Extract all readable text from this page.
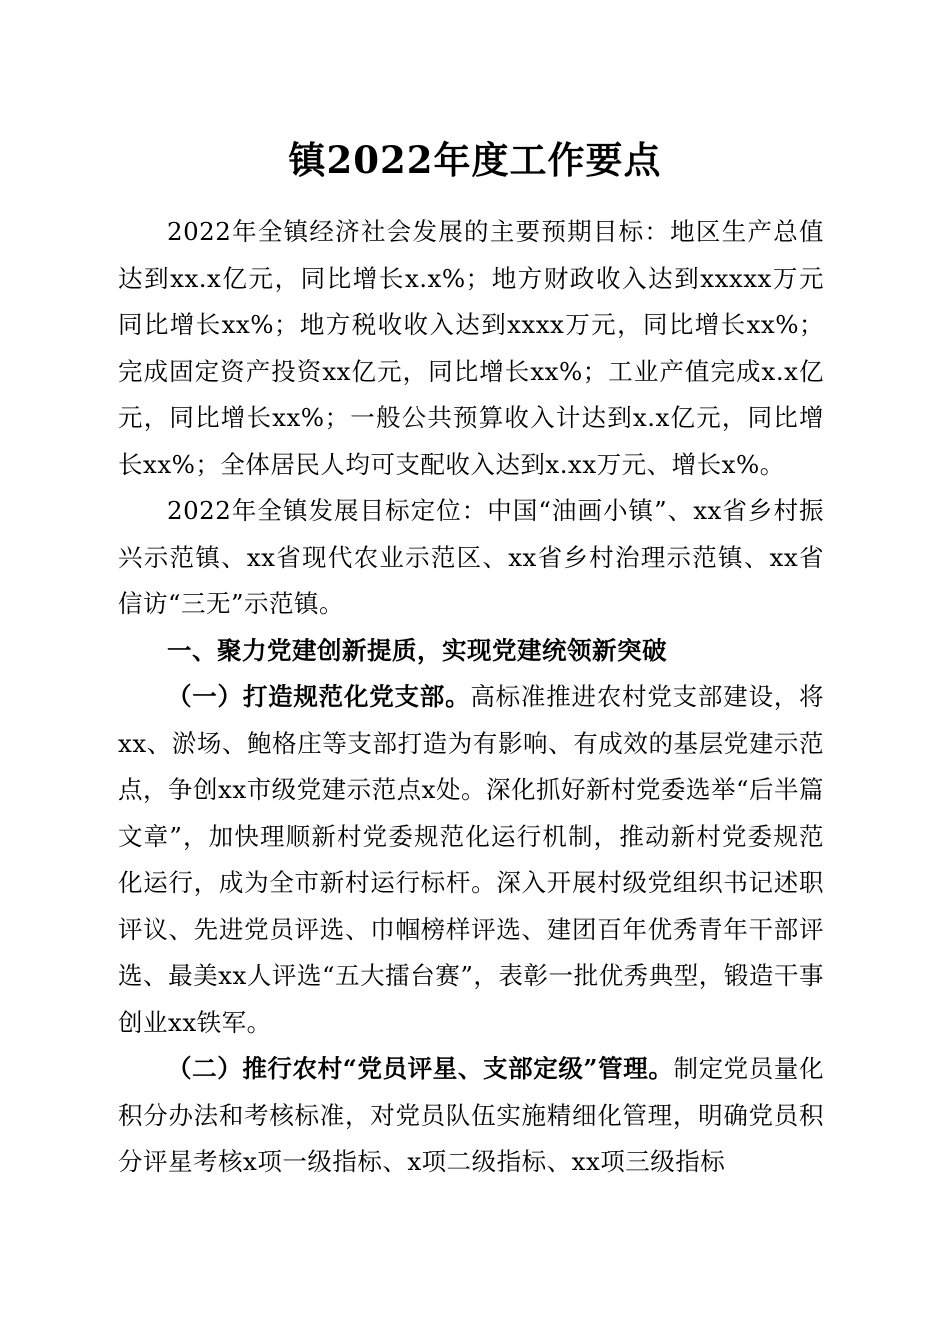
镇2022年度工作要点

2022年全镇经济社会发展的主要预期目标：地区生产总值达到xx.x亿元，同比增长x.x%；地方财政收入达到xxxxx万元同比增长xx%；地方税收收入达到xxxx万元，同比增长xx%；完成固定资产投资xx亿元，同比增长xx%；工业产值完成x.x亿元，同比增长xx%；一般公共预算收入计达到x.x亿元，同比增长xx%；全体居民人均可支配收入达到x.xx万元、增长x%。

2022年全镇发展目标定位：中国“油画小镇”、xx省乡村振兴示范镇、xx省现代农业示范区、xx省乡村治理示范镇、xx省信访“三无”示范镇。

一、聚力党建创新提质，实现党建统领新突破

（一）打造规范化党支部。高标准推进农村党支部建设，将xx、淤场、鲍格庄等支部打造为有影响、有成效的基层党建示范点，争创xx市级党建示范点x处。深化抓好新村党委选举“后半篇文章”，加快理顺新村党委规范化运行机制，推动新村党委规范化运行，成为全市新村运行标杆。深入开展村级党组织书记述职评议、先进党员评选、巾帼榜样评选、建团百年优秀青年干部评选、最美xx人评选“五大擂台赛”，表彰一批优秀典型，锻造干事创业xx铁军。

（二）推行农村“党员评星、支部定级”管理。制定党员量化积分办法和考核标准，对党员队伍实施精细化管理，明确党员积分评星考核x项一级指标、x项二级指标、xx项三级指标
